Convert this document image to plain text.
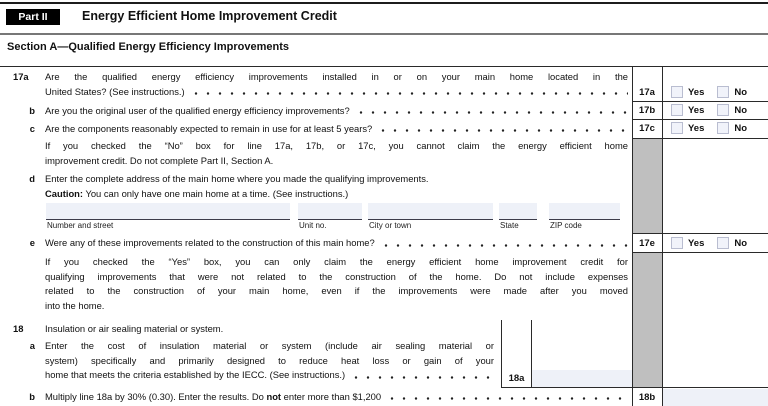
Part II	Energy Efficient Home Improvement Credit
Section A—Qualified Energy Efficiency Improvements
17a Are the qualified energy efficiency improvements installed in or on your main home located in the
United States? (See instructions.)	17a	Yes	No
b Are you the original user of the qualified energy efficiency improvements?	17b	Yes	No
c Are the components reasonably expected to remain in use for at least 5 years?	17c	Yes	No
If you checked the “No” box for line 17a, 17b, or 17c, you cannot claim the energy efficient home
improvement credit. Do not complete Part II, Section A.
d Enter the complete address of the main home where you made the qualifying improvements.
Caution: You can only have one main home at a time. (See instructions.)
Number and street	Unit no.	City or town	State	ZIP code
e Were any of these improvements related to the construction of this main home?	17e	Yes	No
If you checked the “Yes” box, you can only claim the energy efficient home improvement credit for
qualifying improvements that were not related to the construction of the home. Do not include expenses
related to the construction of your main home, even if the improvements were made after you moved
into the home.
18 Insulation or air sealing material or system.
a Enter the cost of insulation material or system (include air sealing material or
system) specifically and primarily designed to reduce heat loss or gain of your
home that meets the criteria established by the IECC. (See instructions.)	18a
b Multiply line 18a by 30% (0.30). Enter the results. Do not enter more than $1,200	18b
